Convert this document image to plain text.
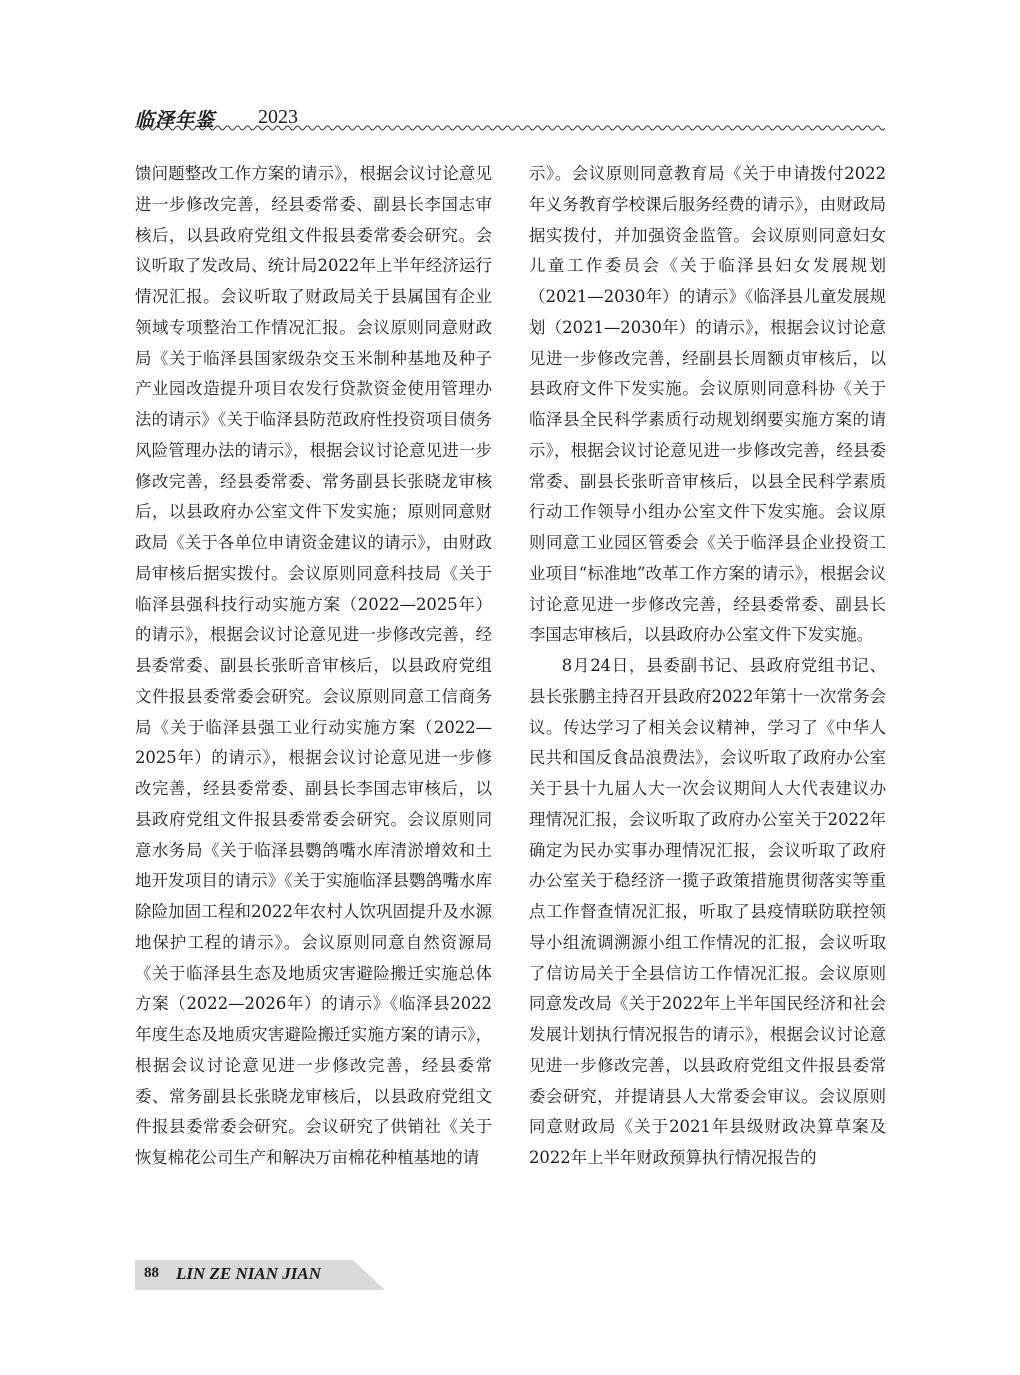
临泽年鉴 2023

馈问题整改工作方案的请示》，根据会议讨论意见进一步修改完善，经县委常委、副县长李国志审核后，以县政府党组文件报县委常委会研究。会议听取了发改局、统计局2022年上半年经济运行情况汇报。会议听取了财政局关于县属国有企业领域专项整治工作情况汇报。会议原则同意财政局《关于临泽县国家级杂交玉米制种基地及种子产业园改造提升项目农发行贷款资金使用管理办法的请示》《关于临泽县防范政府性投资项目债务风险管理办法的请示》，根据会议讨论意见进一步修改完善，经县委常委、常务副县长张晓龙审核后，以县政府办公室文件下发实施；原则同意财政局《关于各单位申请资金建议的请示》，由财政局审核后据实拨付。会议原则同意科技局《关于临泽县强科技行动实施方案（2022—2025年）的请示》，根据会议讨论意见进一步修改完善，经县委常委、副县长张昕音审核后，以县政府党组文件报县委常委会研究。会议原则同意工信商务局《关于临泽县强工业行动实施方案（2022—2025年）的请示》，根据会议讨论意见进一步修改完善，经县委常委、副县长李国志审核后，以县政府党组文件报县委常委会研究。会议原则同意水务局《关于临泽县鹦鸽嘴水库清淤增效和土地开发项目的请示》《关于实施临泽县鹦鸽嘴水库除险加固工程和2022年农村人饮巩固提升及水源地保护工程的请示》。会议原则同意自然资源局《关于临泽县生态及地质灾害避险搬迁实施总体方案（2022—2026年）的请示》《临泽县2022年度生态及地质灾害避险搬迁实施方案的请示》，根据会议讨论意见进一步修改完善，经县委常委、常务副县长张晓龙审核后，以县政府党组文件报县委常委会研究。会议研究了供销社《关于恢复棉花公司生产和解决万亩棉花种植基地的请

示》。会议原则同意教育局《关于申请拨付2022年义务教育学校课后服务经费的请示》，由财政局据实拨付，并加强资金监管。会议原则同意妇女儿童工作委员会《关于临泽县妇女发展规划（2021—2030年）的请示》《临泽县儿童发展规划（2021—2030年）的请示》，根据会议讨论意见进一步修改完善，经副县长周额贞审核后，以县政府文件下发实施。会议原则同意科协《关于临泽县全民科学素质行动规划纲要实施方案的请示》，根据会议讨论意见进一步修改完善，经县委常委、副县长张昕音审核后，以县全民科学素质行动工作领导小组办公室文件下发实施。会议原则同意工业园区管委会《关于临泽县企业投资工业项目“标准地”改革工作方案的请示》，根据会议讨论意见进一步修改完善，经县委常委、副县长李国志审核后，以县政府办公室文件下发实施。

8月24日，县委副书记、县政府党组书记、县长张鹏主持召开县政府2022年第十一次常务会议。传达学习了相关会议精神，学习了《中华人民共和国反食品浪费法》，会议听取了政府办公室关于县十九届人大一次会议期间人大代表建议办理情况汇报，会议听取了政府办公室关于2022年确定为民办实事办理情况汇报，会议听取了政府办公室关于稳经济一揽子政策措施贯彻落实等重点工作督查情况汇报，听取了县疫情联防联控领导小组流调溯源小组工作情况的汇报，会议听取了信访局关于全县信访工作情况汇报。会议原则同意发改局《关于2022年上半年国民经济和社会发展计划执行情况报告的请示》，根据会议讨论意见进一步修改完善，以县政府党组文件报县委常委会研究，并提请县人大常委会审议。会议原则同意财政局《关于2021年县级财政决算草案及2022年上半年财政预算执行情况报告的

88 LIN ZE NIAN JIAN
